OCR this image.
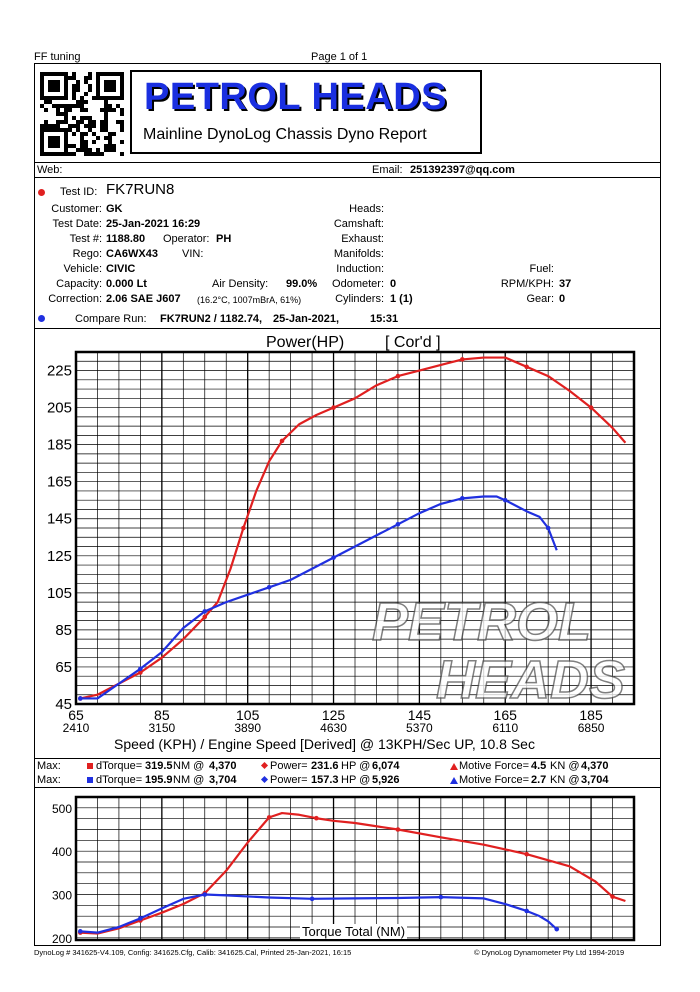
FF tuning	Page 1 of 1
PETROL HEADS
Mainline DynoLog Chassis Dyno Report
Web:	Email: 251392397@qq.com
Test ID: FK7RUN8
Customer: GK
Test Date: 25-Jan-2021 16:29
Test #: 1188.80 Operator: PH
Rego: CA6WX43 VIN:
Vehicle: CIVIC
Capacity: 0.000 Lt	Air Density: 99.0%
Correction: 2.06 SAE J607 (16.2°C, 1007mBrA, 61%)
Heads:
Camshaft:
Exhaust:
Manifolds:
Induction:
Odometer: 0
Cylinders: 1 (1)
Fuel:
RPM/KPH: 37
Gear: 0
Compare Run: FK7RUN2 / 1182.74, 25-Jan-2021,	15:31
45
65
85
105
125
145
165
185
205
225
65
2410
85
3150
105
3890
125
4630
145
5370
165
6110
185
6850
200
300
400
500
PETROL
HEADS
Power(HP)	[ Cor'd ]
Speed (KPH) / Engine Speed [Derived] @ 13KPH/Sec UP, 10.8 Sec
Max:	dTorque= 319.5 NM @ 4,370	Power= 231.6 HP @ 6,074	Motive Force= 4.5 KN @ 4,370
Max:	dTorque= 195.9 NM @ 3,704	Power= 157.3 HP @ 5,926	Motive Force= 2.7 KN @ 3,704
Torque Total (NM)
DynoLog # 341625-V4.109, Config: 341625.Cfg, Calib: 341625.Cal, Printed 25-Jan-2021, 16:15	© DynoLog Dynamometer Pty Ltd 1994-2019
